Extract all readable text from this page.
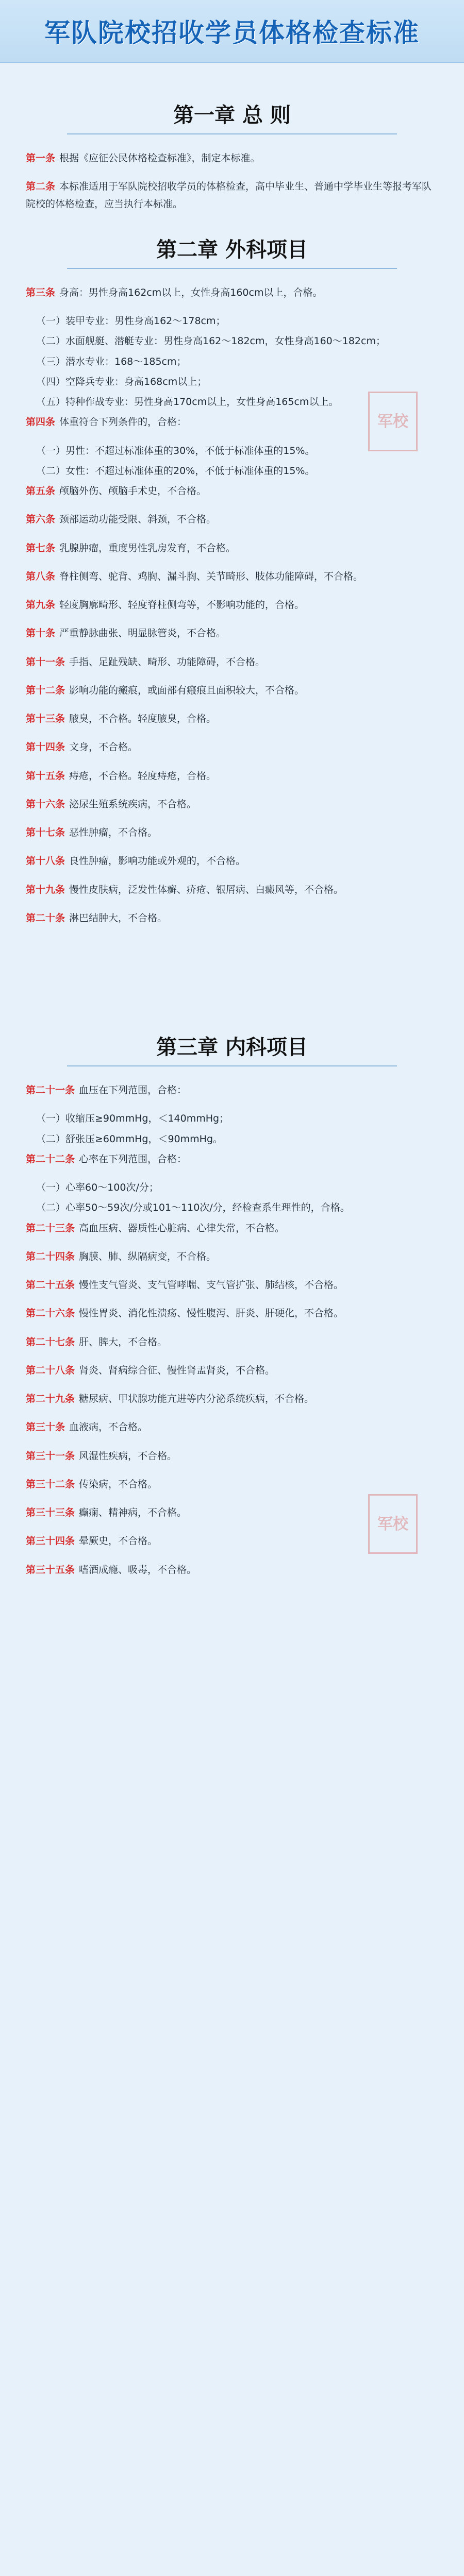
军队院校招收学员体格检查标准
第一章 总 则
第一条 根据《应征公民体格检查标准》，制定本标准。
第二条 本标准适用于军队院校招收学员的体格检查，高中毕业生、普通中学毕业生等报考军队院校的体格检查，应当执行本标准。
第二章 外科项目
第三条 身高：男性身高162cm以上，女性身高160cm以上，合格。
（一）装甲专业：男性身高162～178cm；
（二）水面舰艇、潜艇专业：男性身高162～182cm，女性身高160～182cm；
（三）潜水专业：168～185cm；
（四）空降兵专业：身高168cm以上；
（五）特种作战专业：男性身高170cm以上，女性身高165cm以上。
第四条 体重符合下列条件的，合格：
（一）男性：不超过标准体重的30%，不低于标准体重的15%。
（二）女性：不超过标准体重的20%，不低于标准体重的15%。
第五条 颅脑外伤、颅脑手术史，不合格。
第六条 颈部运动功能受限、斜颈，不合格。
第七条 乳腺肿瘤，重度男性乳房发育，不合格。
第八条 脊柱侧弯、驼背、鸡胸、漏斗胸、关节畸形、肢体功能障碍，不合格。
第九条 轻度胸廓畸形、轻度脊柱侧弯等，不影响功能的，合格。
第十条 严重静脉曲张、明显脉管炎，不合格。
第十一条 手指、足趾残缺、畸形、功能障碍，不合格。
第十二条 影响功能的瘢痕，或面部有瘢痕且面积较大，不合格。
第十三条 腋臭，不合格。轻度腋臭，合格。
第十四条 文身，不合格。
第十五条 痔疮，不合格。轻度痔疮，合格。
第十六条 泌尿生殖系统疾病，不合格。
第十七条 恶性肿瘤，不合格。
第十八条 良性肿瘤，影响功能或外观的，不合格。
第十九条 慢性皮肤病，泛发性体癣、疥疮、银屑病、白癜风等，不合格。
第二十条 淋巴结肿大，不合格。
第三章 内科项目
第二十一条 血压在下列范围，合格：
（一）收缩压≥90mmHg，＜140mmHg；
（二）舒张压≥60mmHg，＜90mmHg。
第二十二条 心率在下列范围，合格：
（一）心率60～100次/分；
（二）心率50～59次/分或101～110次/分，经检查系生理性的，合格。
第二十三条 高血压病、器质性心脏病、心律失常，不合格。
第二十四条 胸膜、肺、纵隔病变，不合格。
第二十五条 慢性支气管炎、支气管哮喘、支气管扩张、肺结核，不合格。
第二十六条 慢性胃炎、消化性溃疡、慢性腹泻、肝炎、肝硬化，不合格。
第二十七条 肝、脾大，不合格。
第二十八条 肾炎、肾病综合征、慢性肾盂肾炎，不合格。
第二十九条 糖尿病、甲状腺功能亢进等内分泌系统疾病，不合格。
第三十条 血液病，不合格。
第三十一条 风湿性疾病，不合格。
第三十二条 传染病，不合格。
第三十三条 癫痫、精神病，不合格。
第三十四条 晕厥史，不合格。
第三十五条 嗜酒成瘾、吸毒，不合格。
军校
军校
